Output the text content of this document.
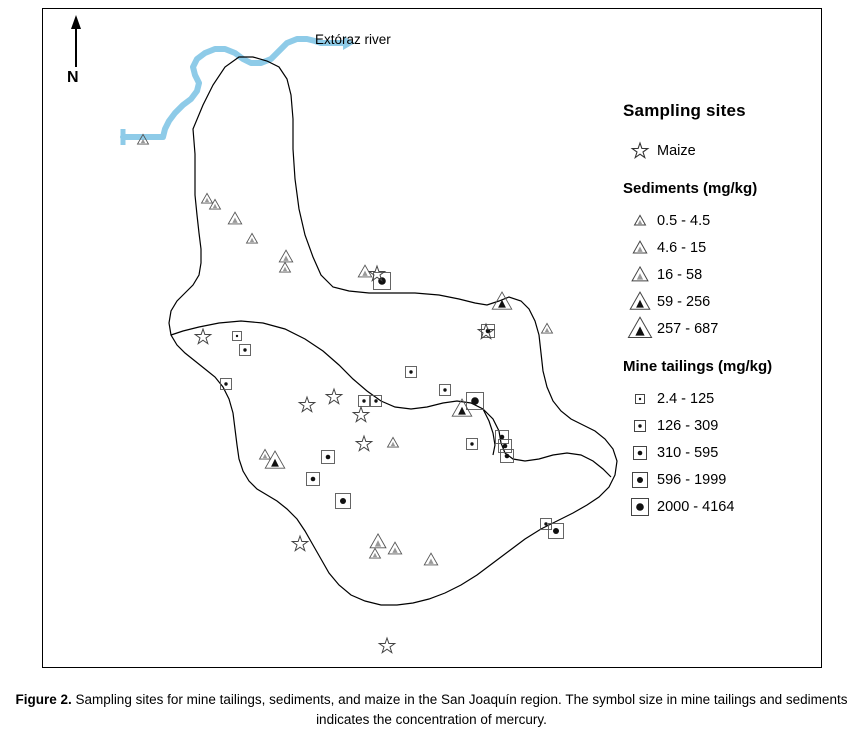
N
Extóraz river
Sampling sites
Maize
Sediments (mg/kg)
0.5 - 4.5
4.6 - 15
16 - 58
59 - 256
257 - 687
Mine tailings (mg/kg)
2.4 - 125
126 - 309
310 - 595
596 - 1999
2000 - 4164
Figure 2. Sampling sites for mine tailings, sediments, and maize in the San Joaquín region. The symbol size in mine tailings and sediments indicates the concentration of mercury.
